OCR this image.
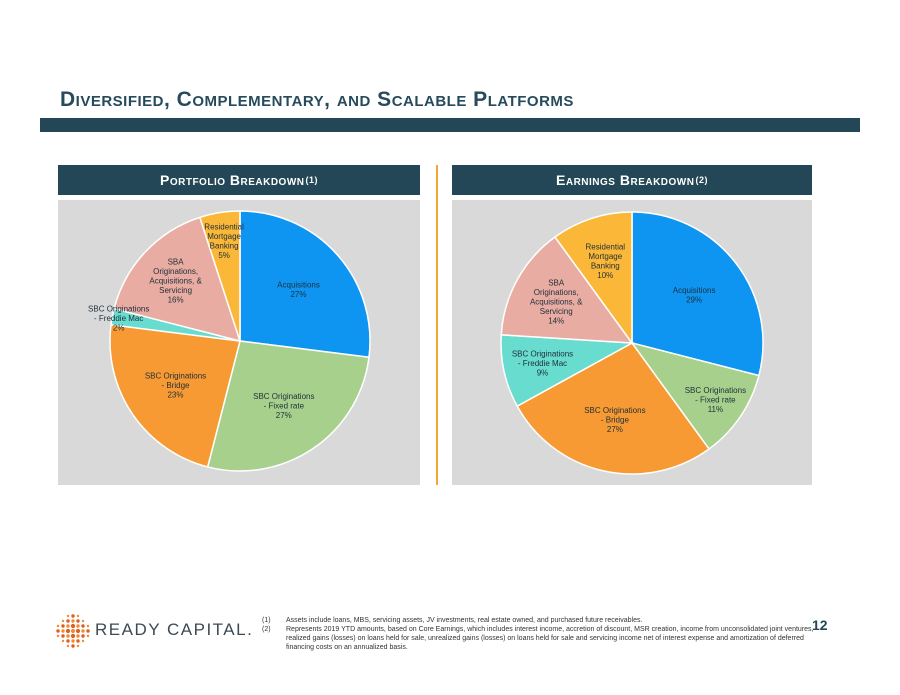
Diversified, Complementary, and Scalable Platforms
Portfolio Breakdown (1)	Earnings Breakdown (2)
Acquisitions 27%
SBC Originations - Fixed rate 27%
SBC Originations - Bridge 23%
SBC Originations - Freddie Mac 2%
SBA Originations, Acquisitions, & Servicing 16%
Residential Mortgage Banking 5%
Acquisitions 29%
SBC Originations - Fixed rate 11%
SBC Originations - Bridge 27%
SBC Originations - Freddie Mac 9%
SBA Originations, Acquisitions, & Servicing 14%
Residential Mortgage Banking 10%
READY CAPITAL. (1)	Assets include loans, MBS, servicing assets, JV investments, real estate owned, and purchased future receivables.
(2)	Represents 2019 YTD amounts, based on Core Earnings, which includes interest income, accretion of discount, MSR creation, income from unconsolidated joint ventures, realized gains (losses) on loans held for sale, unrealized gains (losses) on loans held for sale and servicing income net of interest expense and amortization of deferred financing costs on an annualized basis.
12
